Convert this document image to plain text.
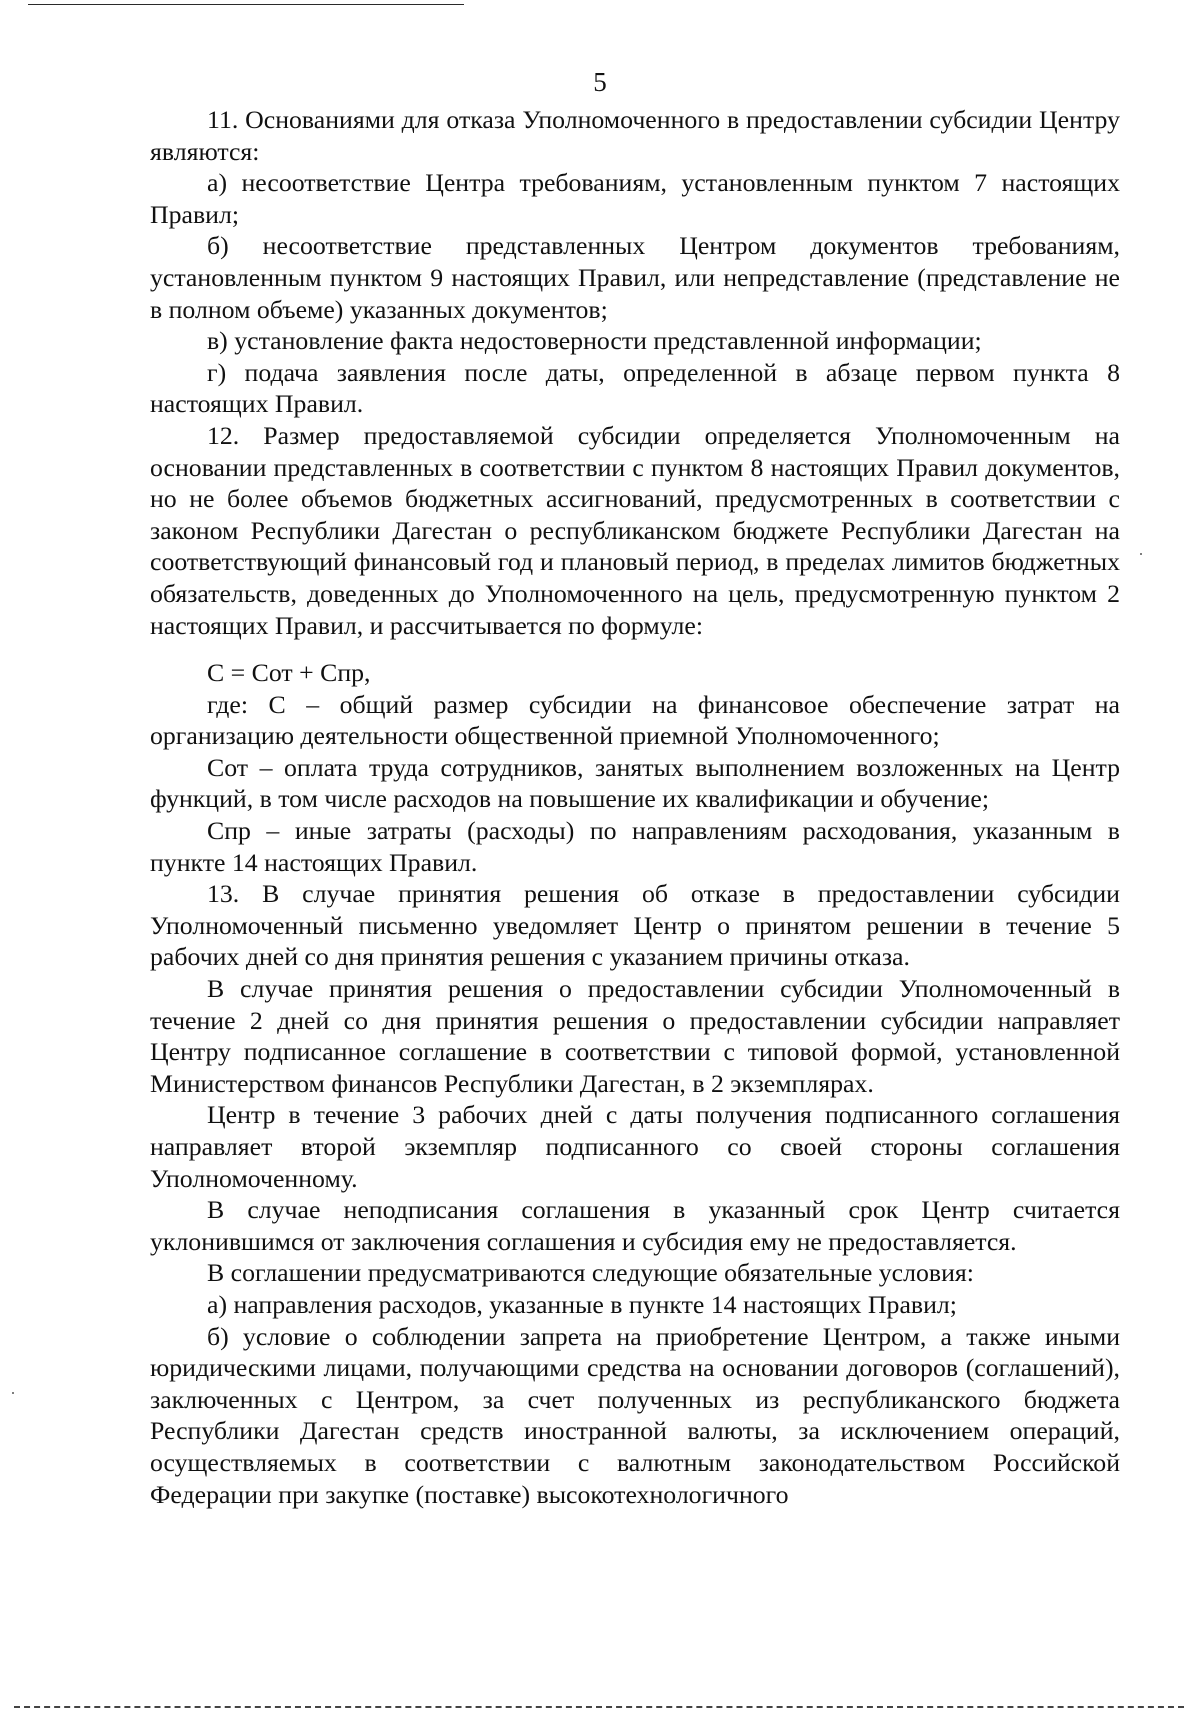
5

11. Основаниями для отказа Уполномоченного в предоставлении субсидии Центру являются:

а) несоответствие Центра требованиям, установленным пунктом 7 настоящих Правил;

б) несоответствие представленных Центром документов требованиям, установленным пунктом 9 настоящих Правил, или непредставление (представление не в полном объеме) указанных документов;

в) установление факта недостоверности представленной информации;

г) подача заявления после даты, определенной в абзаце первом пункта 8 настоящих Правил.

12. Размер предоставляемой субсидии определяется Уполномоченным на основании представленных в соответствии с пунктом 8 настоящих Правил документов, но не более объемов бюджетных ассигнований, предусмотренных в соответствии с законом Республики Дагестан о республиканском бюджете Республики Дагестан на соответствующий финансовый год и плановый период, в пределах лимитов бюджетных обязательств, доведенных до Уполномоченного на цель, предусмотренную пунктом 2 настоящих Правил, и рассчитывается по формуле:

С = Сот + Спр,

где: С – общий размер субсидии на финансовое обеспечение затрат на организацию деятельности общественной приемной Уполномоченного;

Сот – оплата труда сотрудников, занятых выполнением возложенных на Центр функций, в том числе расходов на повышение их квалификации и обучение;

Спр – иные затраты (расходы) по направлениям расходования, указанным в пункте 14 настоящих Правил.

13. В случае принятия решения об отказе в предоставлении субсидии Уполномоченный письменно уведомляет Центр о принятом решении в течение 5 рабочих дней со дня принятия решения с указанием причины отказа.

В случае принятия решения о предоставлении субсидии Уполномоченный в течение 2 дней со дня принятия решения о предоставлении субсидии направляет Центру подписанное соглашение в соответствии с типовой формой, установленной Министерством финансов Республики Дагестан, в 2 экземплярах.

Центр в течение 3 рабочих дней с даты получения подписанного соглашения направляет второй экземпляр подписанного со своей стороны соглашения Уполномоченному.

В случае неподписания соглашения в указанный срок Центр считается уклонившимся от заключения соглашения и субсидия ему не предоставляется.

В соглашении предусматриваются следующие обязательные условия:

а) направления расходов, указанные в пункте 14 настоящих Правил;

б) условие о соблюдении запрета на приобретение Центром, а также иными юридическими лицами, получающими средства на основании договоров (соглашений), заключенных с Центром, за счет полученных из республиканского бюджета Республики Дагестан средств иностранной валюты, за исключением операций, осуществляемых в соответствии с валютным законодательством Российской Федерации при закупке (поставке) высокотехнологичного
